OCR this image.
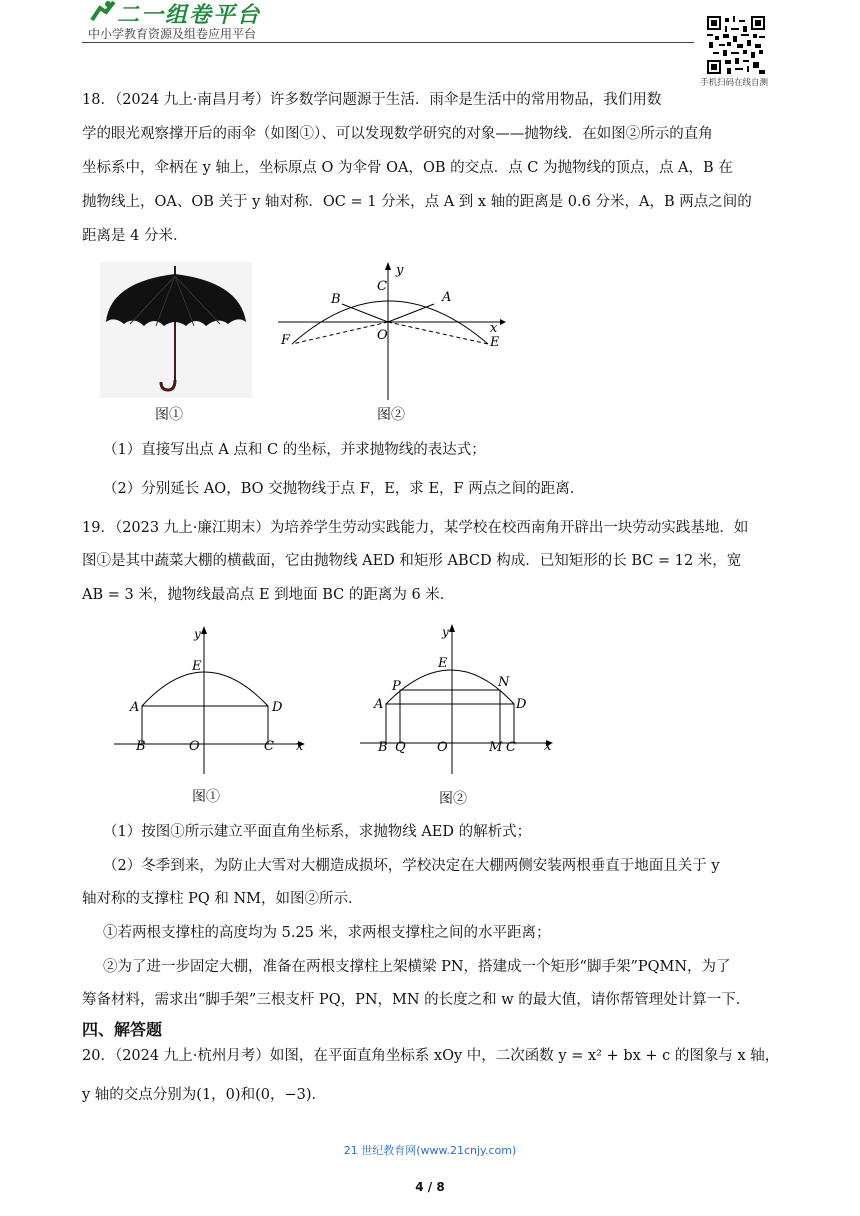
二一组卷平台
中小学教育资源及组卷应用平台
手机扫码在线自测
18．（2024 九上·南昌月考）许多数学问题源于生活．雨伞是生活中的常用物品，我们用数
学的眼光观察撑开后的雨伞（如图①）、可以发现数学研究的对象——抛物线．在如图②所示的直角
坐标系中，伞柄在 y 轴上，坐标原点 O 为伞骨 OA，OB 的交点．点 C 为抛物线的顶点，点 A，B 在
抛物线上，OA、OB 关于 y 轴对称．OC = 1 分米，点 A 到 x 轴的距离是 0.6 分米，A，B 两点之间的
距离是 4 分米．
图①
y
x
C
B	A
O
F	E
图②
（1）直接写出点 A 点和 C 的坐标，并求抛物线的表达式；
（2）分别延长 AO，BO 交抛物线于点 F，E，求 E，F 两点之间的距离．
19．（2023 九上·廉江期末）为培养学生劳动实践能力，某学校在校西南角开辟出一块劳动实践基地．如
图①是其中蔬菜大棚的横截面，它由抛物线 AED 和矩形 ABCD 构成．已知矩形的长 BC = 12 米，宽
AB = 3 米，抛物线最高点 E 到地面 BC 的距离为 6 米．
y
x
E
A	D
B	O	C
图①
y
x
E
P	N
A	D
B Q O	M C
图②
（1）按图①所示建立平面直角坐标系，求抛物线 AED 的解析式；
（2）冬季到来，为防止大雪对大棚造成损坏，学校决定在大棚两侧安装两根垂直于地面且关于 y
轴对称的支撑柱 PQ 和 NM，如图②所示．
①若两根支撑柱的高度均为 5.25 米，求两根支撑柱之间的水平距离；
②为了进一步固定大棚，准备在两根支撑柱上架横梁 PN，搭建成一个矩形“脚手架”PQMN，为了
筹备材料，需求出“脚手架”三根支杆 PQ，PN，MN 的长度之和 w 的最大值，请你帮管理处计算一下．
四、解答题
20．（2024 九上·杭州月考）如图，在平面直角坐标系 xOy 中，二次函数 y = x² + bx + c 的图象与 x 轴，
y 轴的交点分别为(1，0)和(0，−3)．
21 世纪教育网(www.21cnjy.com)
4 / 8
